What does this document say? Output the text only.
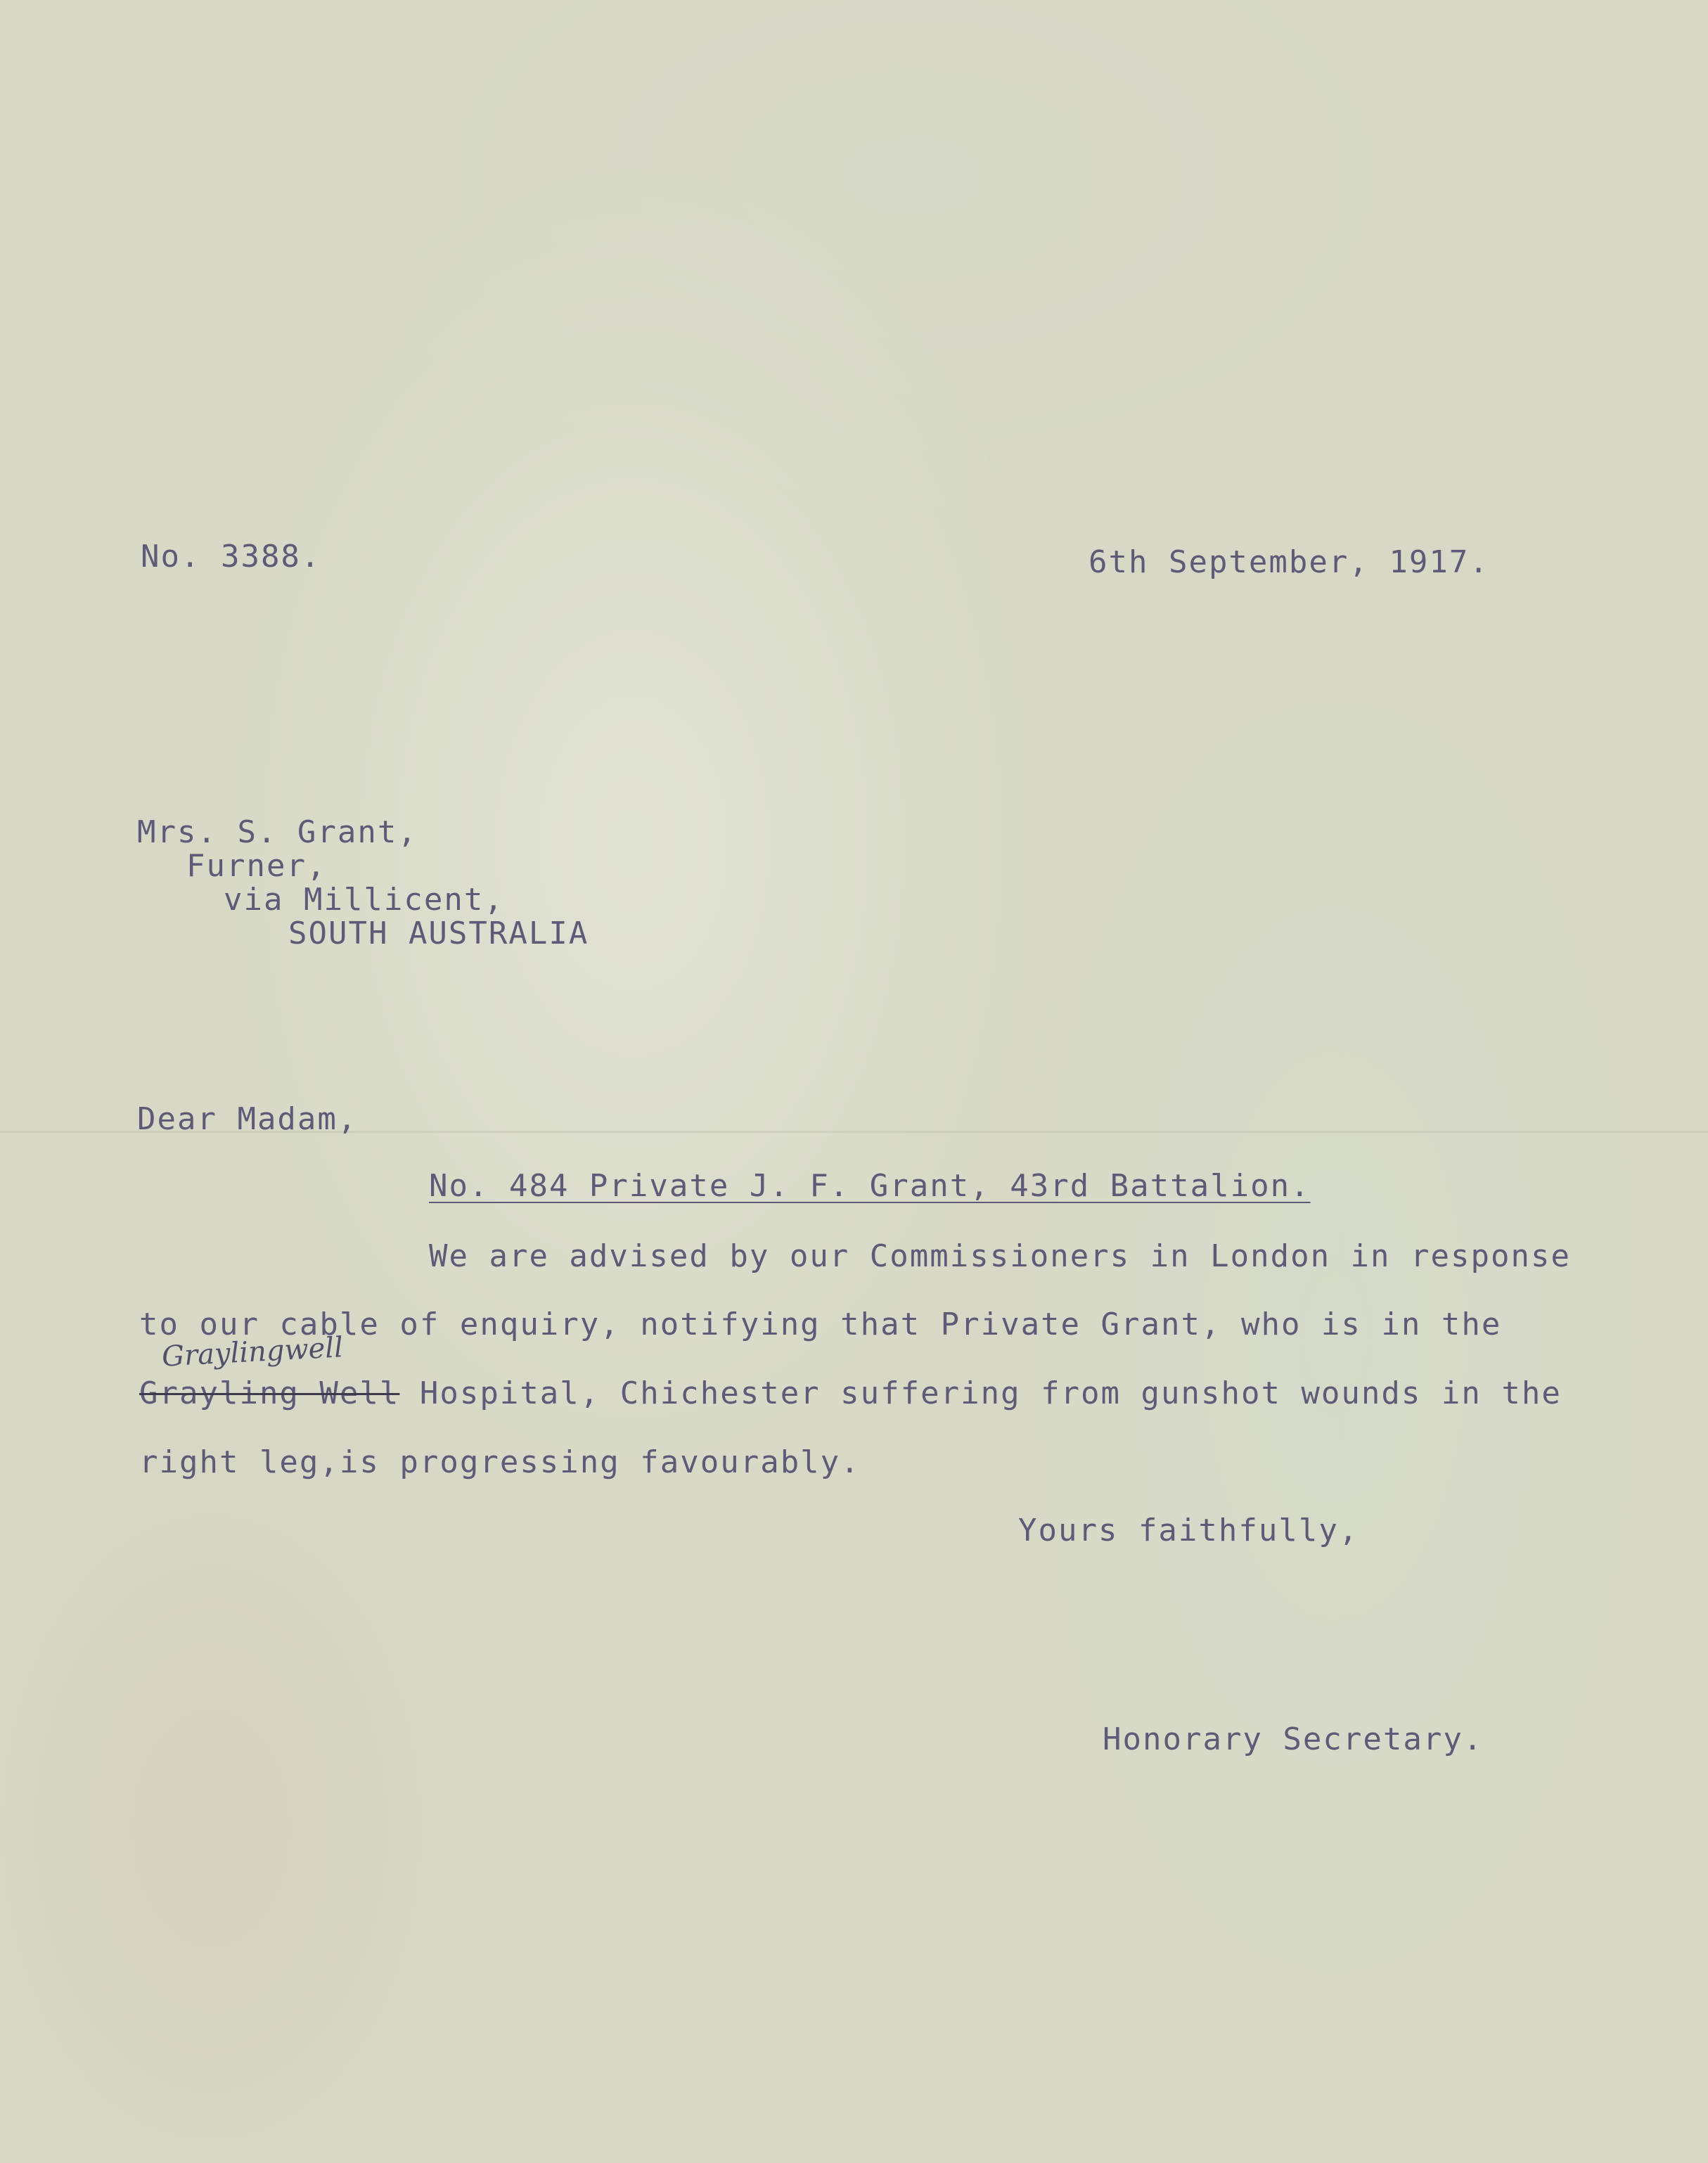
No. 3388.	6th September, 1917.
Mrs. S. Grant,
Furner,
via Millicent,
SOUTH AUSTRALIA
Dear Madam,
No. 484 Private J. F. Grant, 43rd Battalion.
We are advised by our Commissioners in London in response
to our cable of enquiry, notifying that Private Grant, who is in the
Graylingwell
Grayling Well Hospital, Chichester suffering from gunshot wounds in the
right leg,is progressing favourably.
Yours faithfully,
Honorary Secretary.
